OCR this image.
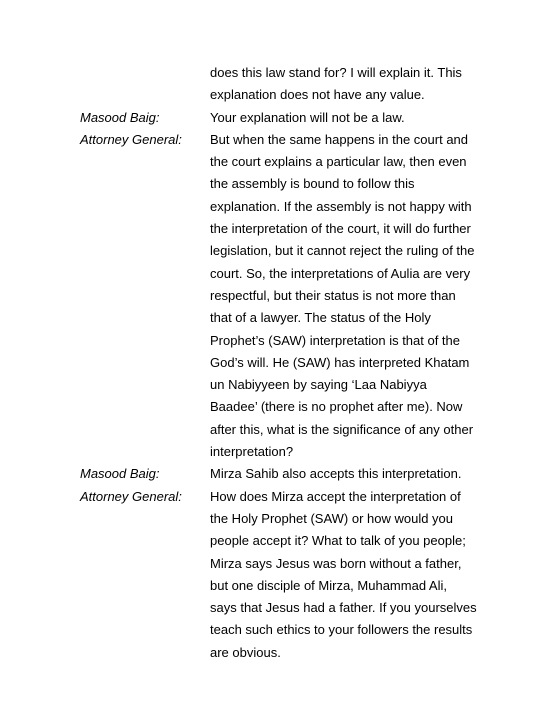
does this law stand for? I will explain it. This
explanation does not have any value.
Masood Baig:	Your explanation will not be a law.
Attorney General:	But when the same happens in the court and
the court explains a particular law, then even
the assembly is bound to follow this
explanation. If the assembly is not happy with
the interpretation of the court, it will do further
legislation, but it cannot reject the ruling of the
court. So, the interpretations of Aulia are very
respectful, but their status is not more than
that of a lawyer. The status of the Holy
Prophet’s (SAW) interpretation is that of the
God’s will. He (SAW) has interpreted Khatam
un Nabiyyeen by saying ‘Laa Nabiyya
Baadee’ (there is no prophet after me). Now
after this, what is the significance of any other
interpretation?
Masood Baig:	Mirza Sahib also accepts this interpretation.
Attorney General:	How does Mirza accept the interpretation of
the Holy Prophet (SAW) or how would you
people accept it? What to talk of you people;
Mirza says Jesus was born without a father,
but one disciple of Mirza, Muhammad Ali,
says that Jesus had a father. If you yourselves
teach such ethics to your followers the results
are obvious.
